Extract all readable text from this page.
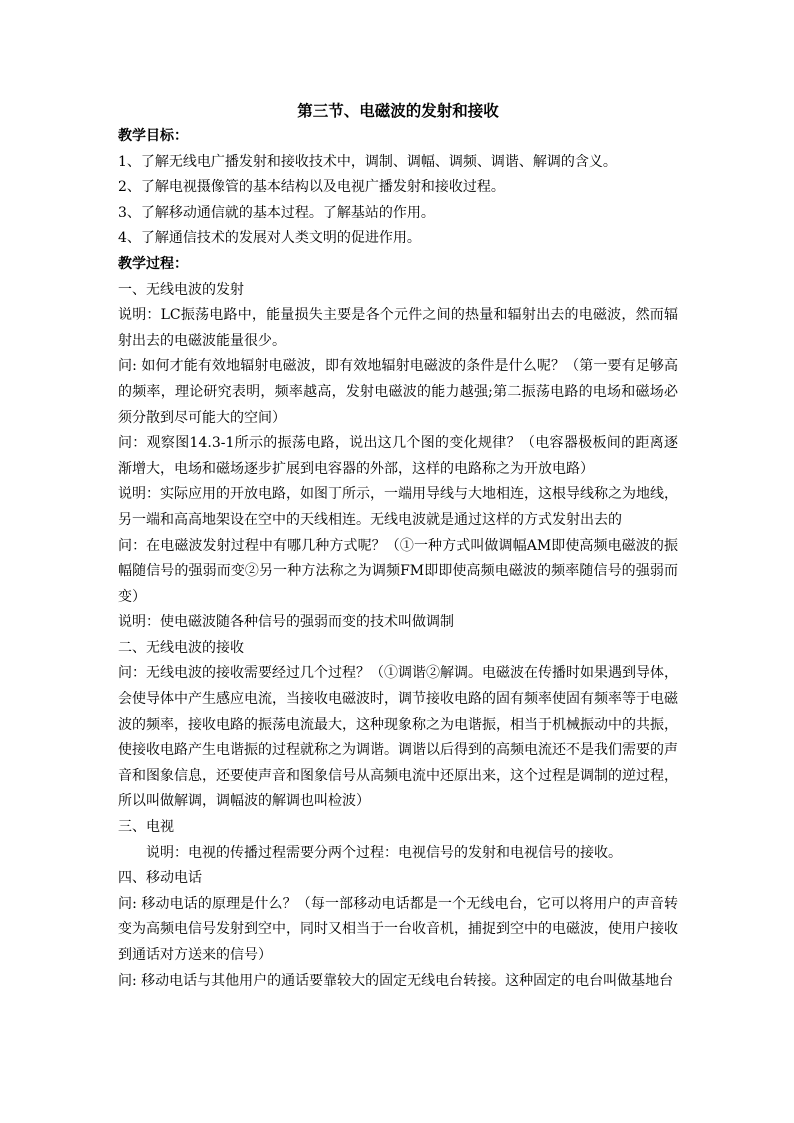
第三节、电磁波的发射和接收

教学目标：

1、了解无线电广播发射和接收技术中，调制、调幅、调频、调谐、解调的含义。

2、了解电视摄像管的基本结构以及电视广播发射和接收过程。

3、了解移动通信就的基本过程。了解基站的作用。

4、了解通信技术的发展对人类文明的促进作用。

教学过程：

一、无线电波的发射

说明：LC振荡电路中，能量损失主要是各个元件之间的热量和辐射出去的电磁波，然而辐射出去的电磁波能量很少。

问: 如何才能有效地辐射电磁波，即有效地辐射电磁波的条件是什么呢？（第一要有足够高的频率，理论研究表明，频率越高，发射电磁波的能力越强;第二振荡电路的电场和磁场必须分散到尽可能大的空间）

问：观察图14.3-1所示的振荡电路，说出这几个图的变化规律？（电容器极板间的距离逐渐增大，电场和磁场逐步扩展到电容器的外部，这样的电路称之为开放电路）

说明：实际应用的开放电路，如图丁所示，一端用导线与大地相连，这根导线称之为地线，另一端和高高地架设在空中的天线相连。无线电波就是通过这样的方式发射出去的

问：在电磁波发射过程中有哪几种方式呢？（①一种方式叫做调幅AM即使高频电磁波的振幅随信号的强弱而变②另一种方法称之为调频FM即即使高频电磁波的频率随信号的强弱而变）

说明：使电磁波随各种信号的强弱而变的技术叫做调制

二、无线电波的接收

问：无线电波的接收需要经过几个过程？（①调谐②解调。电磁波在传播时如果遇到导体，会使导体中产生感应电流，当接收电磁波时，调节接收电路的固有频率使固有频率等于电磁波的频率，接收电路的振荡电流最大，这种现象称之为电谐振，相当于机械振动中的共振，使接收电路产生电谐振的过程就称之为调谐。调谐以后得到的高频电流还不是我们需要的声音和图象信息，还要使声音和图象信号从高频电流中还原出来，这个过程是调制的逆过程，所以叫做解调，调幅波的解调也叫检波）

三、电视

说明：电视的传播过程需要分两个过程：电视信号的发射和电视信号的接收。

四、移动电话

问: 移动电话的原理是什么？（每一部移动电话都是一个无线电台，它可以将用户的声音转变为高频电信号发射到空中，同时又相当于一台收音机，捕捉到空中的电磁波，使用户接收到通话对方送来的信号）

问: 移动电话与其他用户的通话要靠较大的固定无线电台转接。这种固定的电台叫做基地台
